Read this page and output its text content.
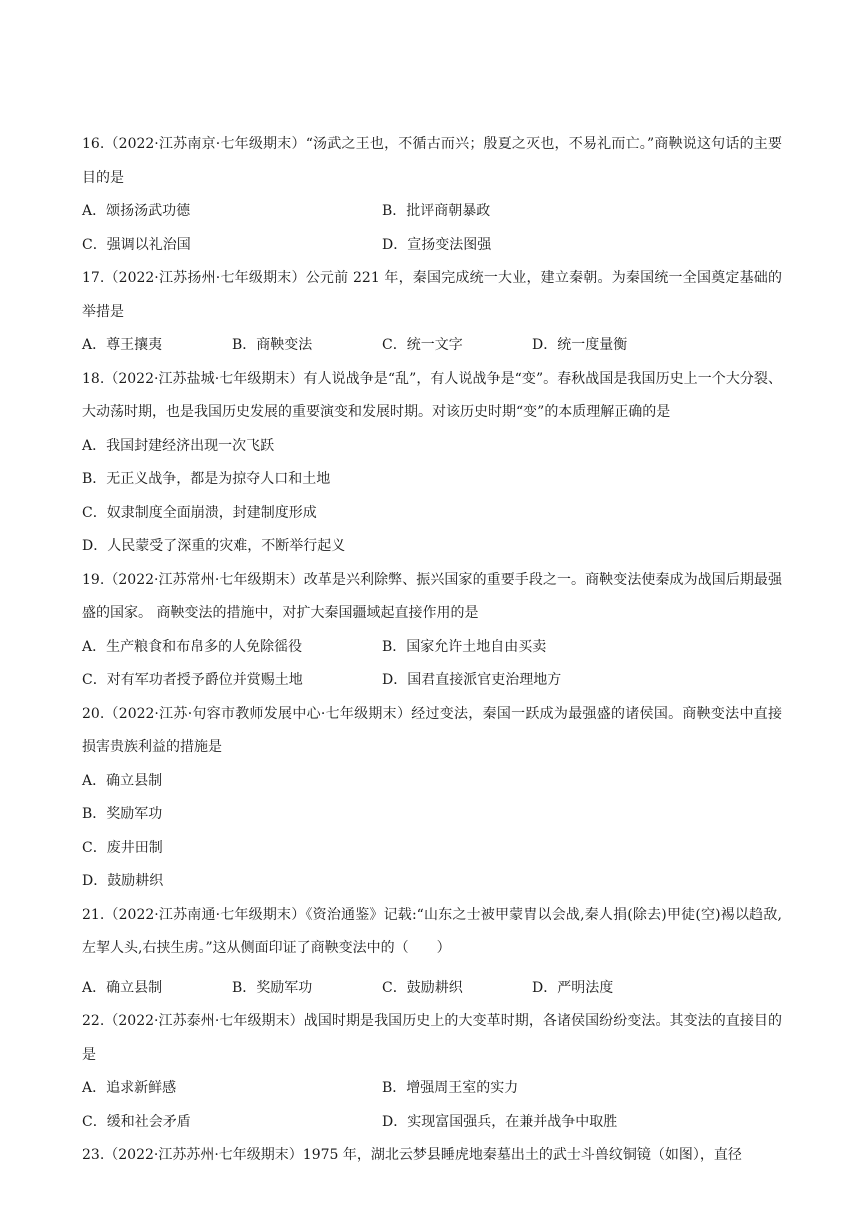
16.（2022·江苏南京·七年级期末）“汤武之王也，不循古而兴；殷夏之灭也，不易礼而亡。”商鞅说这句话的主要目的是
A．颂扬汤武功德	B．批评商朝暴政
C．强调以礼治国	D．宣扬变法图强
17.（2022·江苏扬州·七年级期末）公元前 221 年，秦国完成统一大业，建立秦朝。为秦国统一全国奠定基础的举措是
A．尊王攘夷	B．商鞅变法	C．统一文字	D．统一度量衡
18.（2022·江苏盐城·七年级期末）有人说战争是“乱”，有人说战争是“变”。春秋战国是我国历史上一个大分裂、大动荡时期，也是我国历史发展的重要演变和发展时期。对该历史时期“变”的本质理解正确的是
A．我国封建经济出现一次飞跃
B．无正义战争，都是为掠夺人口和土地
C．奴隶制度全面崩溃，封建制度形成
D．人民蒙受了深重的灾难，不断举行起义
19.（2022·江苏常州·七年级期末）改革是兴利除弊、振兴国家的重要手段之一。商鞅变法使秦成为战国后期最强盛的国家。 商鞅变法的措施中，对扩大秦国疆域起直接作用的是
A．生产粮食和布帛多的人免除徭役	B．国家允许土地自由买卖
C．对有军功者授予爵位并赏赐土地	D．国君直接派官吏治理地方
20.（2022·江苏·句容市教师发展中心·七年级期末）经过变法，秦国一跃成为最强盛的诸侯国。商鞅变法中直接损害贵族利益的措施是
A．确立县制
B．奖励军功
C．废井田制
D．鼓励耕织
21.（2022·江苏南通·七年级期末）《资治通鉴》记载:“山东之士被甲蒙胄以会战,秦人捐(除去)甲徒(空)裼以趋敌,左挈人头,右挟生虏。”这从侧面印证了商鞅变法中的（　　）
A．确立县制	B．奖励军功	C．鼓励耕织	D．严明法度
22.（2022·江苏泰州·七年级期末）战国时期是我国历史上的大变革时期，各诸侯国纷纷变法。其变法的直接目的是
A．追求新鲜感	B．增强周王室的实力
C．缓和社会矛盾	D．实现富国强兵，在兼并战争中取胜
23.（2022·江苏苏州·七年级期末）1975 年，湖北云梦县睡虎地秦墓出土的武士斗兽纹铜镜（如图），直径
